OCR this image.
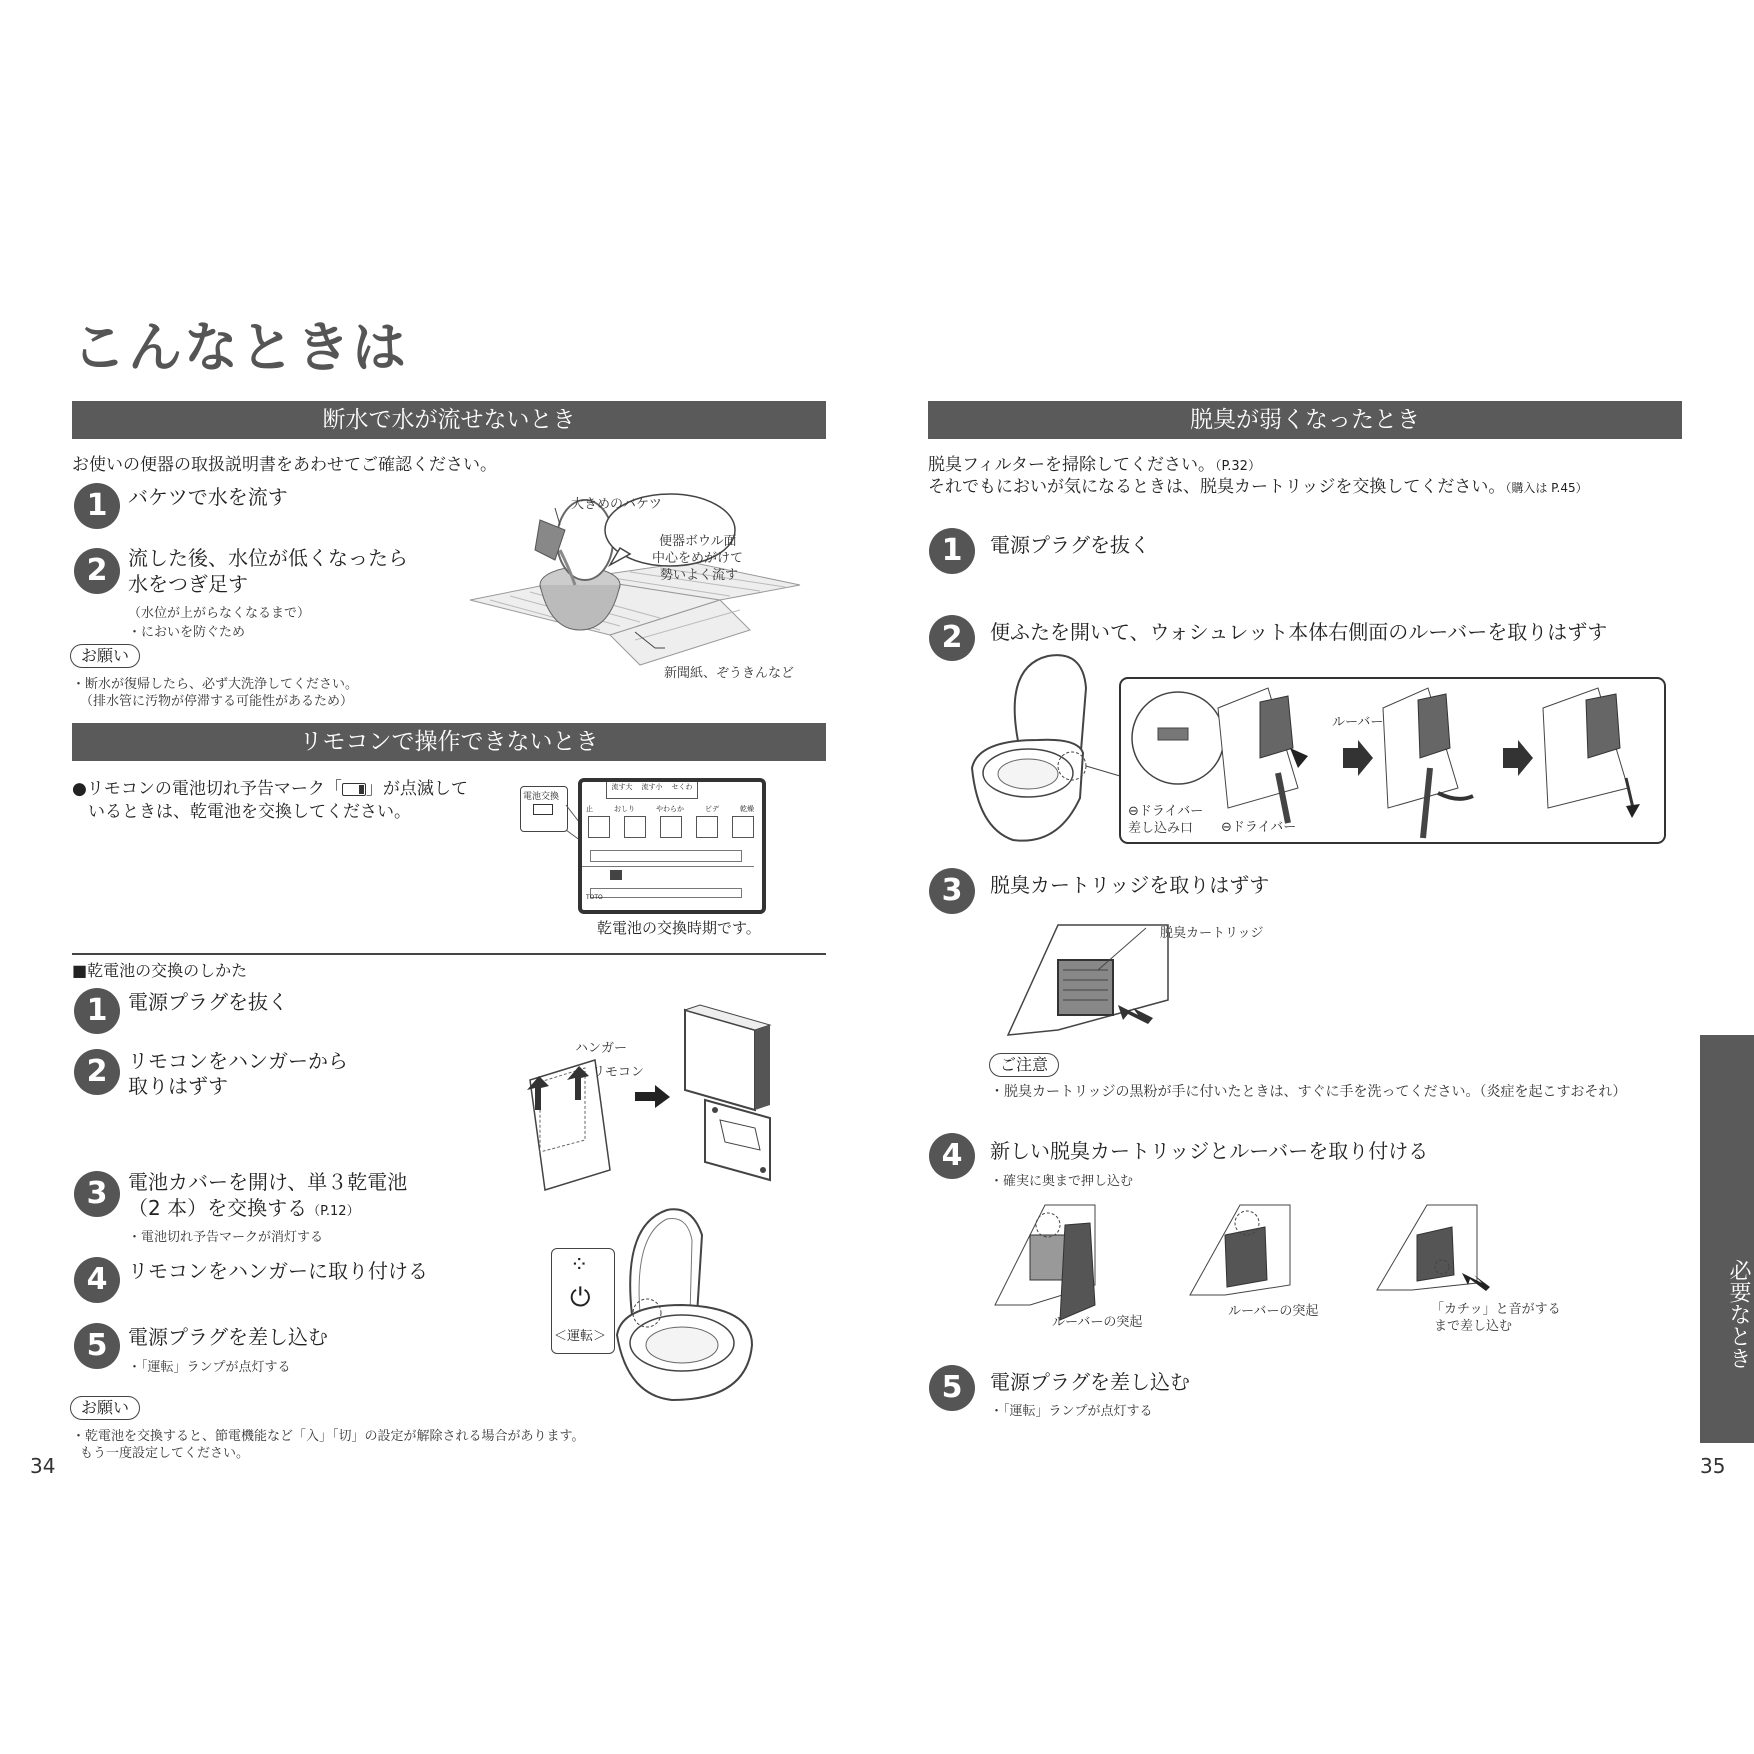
こんなときは
断水で水が流せないとき
お使いの便器の取扱説明書をあわせてご確認ください。
1	バケツで水を流す
2	流した後、水位が低くなったら
水をつぎ足す
（水位が上がらなくなるまで）
・においを防ぐため
お願い
・断水が復帰したら、必ず大洗浄してください。
（排水管に汚物が停滞する可能性があるため）
大きめのバケツ
便器ボウル面
中心をめがけて
勢いよく流す
新聞紙、ぞうきんなど
リモコンで操作できないとき
●リモコンの電池切れ予告マーク「 」が点滅して
いるときは、乾電池を交換してください。
電池交換
流す大 流す小 セくわ
止	おしり	やわらか	ビデ	乾燥
TOTO
乾電池の交換時期です。
■乾電池の交換のしかた
1	電源プラグを抜く
2	リモコンをハンガーから
取りはずす
ハンガー
リモコン
3	電池カバーを開け、単３乾電池
（2 本）を交換する（P.12）
・電池切れ予告マークが消灯する
4	リモコンをハンガーに取り付ける
5	電源プラグを差し込む
・「運転」ランプが点灯する
⁘
⏻
＜運転＞
お願い
・乾電池を交換すると、節電機能など「入」「切」の設定が解除される場合があります。
もう一度設定してください。
34
脱臭が弱くなったとき
脱臭フィルターを掃除してください。（P.32）
それでもにおいが気になるときは、脱臭カートリッジを交換してください。（購入は P.45）
1	電源プラグを抜く
2	便ふたを開いて、ウォシュレット本体右側面のルーバーを取りはずす
ルーバー
⊖ドライバー
差し込み口 ⊖ドライバー
3	脱臭カートリッジを取りはずす
脱臭カートリッジ
ご注意
・脱臭カートリッジの黒粉が手に付いたときは、すぐに手を洗ってください。（炎症を起こすおそれ）
4	新しい脱臭カートリッジとルーバーを取り付ける
・確実に奥まで押し込む
ルーバーの突起
ルーバーの突起	「カチッ」と音がする
まで差し込む
5	電源プラグを差し込む
・「運転」ランプが点灯する
必要なとき
35
